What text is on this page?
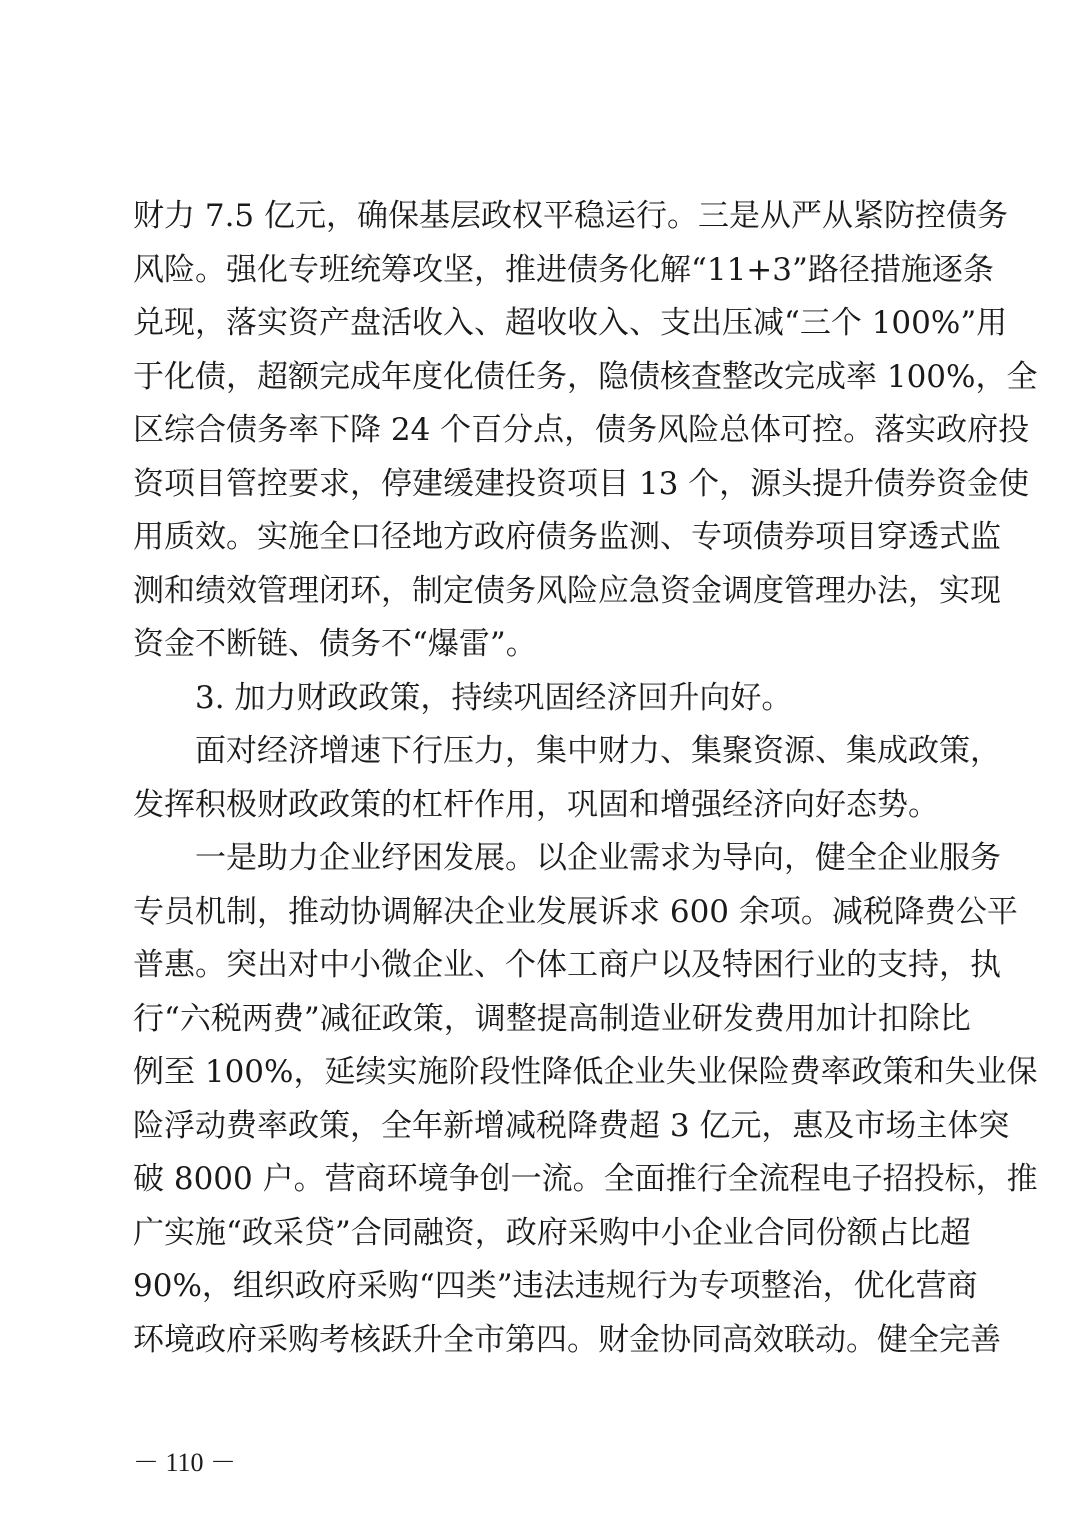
财力 7.5 亿元，确保基层政权平稳运行。三是从严从紧防控债务
风险。强化专班统筹攻坚，推进债务化解“11+3”路径措施逐条
兑现，落实资产盘活收入、超收收入、支出压减“三个 100%”用
于化债，超额完成年度化债任务，隐债核查整改完成率 100%，全
区综合债务率下降 24 个百分点，债务风险总体可控。落实政府投
资项目管控要求，停建缓建投资项目 13 个，源头提升债券资金使
用质效。实施全口径地方政府债务监测、专项债券项目穿透式监
测和绩效管理闭环，制定债务风险应急资金调度管理办法，实现
资金不断链、债务不“爆雷”。
3. 加力财政政策，持续巩固经济回升向好。
面对经济增速下行压力，集中财力、集聚资源、集成政策，
发挥积极财政政策的杠杆作用，巩固和增强经济向好态势。
一是助力企业纾困发展。以企业需求为导向，健全企业服务
专员机制，推动协调解决企业发展诉求 600 余项。减税降费公平
普惠。突出对中小微企业、个体工商户以及特困行业的支持，执
行“六税两费”减征政策，调整提高制造业研发费用加计扣除比
例至 100%，延续实施阶段性降低企业失业保险费率政策和失业保
险浮动费率政策，全年新增减税降费超 3 亿元，惠及市场主体突
破 8000 户。营商环境争创一流。全面推行全流程电子招投标，推
广实施“政采贷”合同融资，政府采购中小企业合同份额占比超
90%，组织政府采购“四类”违法违规行为专项整治，优化营商
环境政府采购考核跃升全市第四。财金协同高效联动。健全完善
－ 110 －
